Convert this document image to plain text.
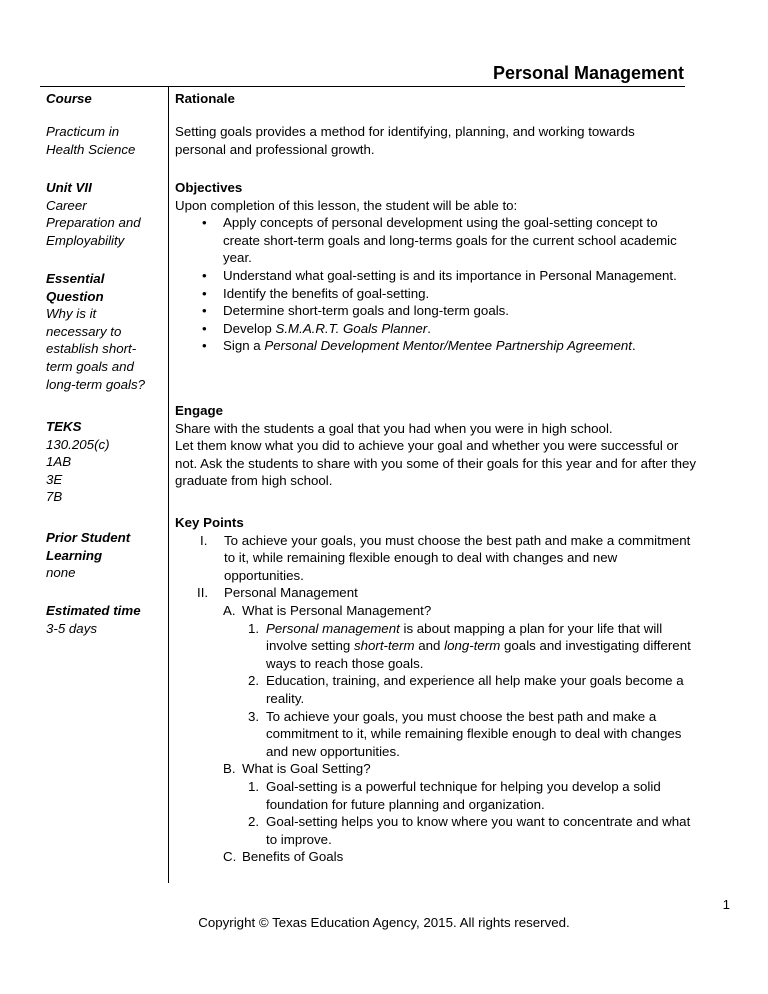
Personal Management

Course

Practicum in Health Science

Unit VII

Career Preparation and Employability

Essential Question

Why is it necessary to establish short-term goals and long-term goals?

TEKS

130.205(c)

1AB

3E

7B

Prior Student Learning

none

Estimated time

3-5 days

Rationale
Setting goals provides a method for identifying, planning, and working towards personal and professional growth.

Objectives

Upon completion of this lesson, the student will be able to:

• Apply concepts of personal development using the goal-setting concept to create short-term goals and long-terms goals for the current school academic year.
• Understand what goal-setting is and its importance in Personal Management.
• Identify the benefits of goal-setting.
• Determine short-term goals and long-term goals.
• Develop S.M.A.R.T. Goals Planner.
• Sign a Personal Development Mentor/Mentee Partnership Agreement.

Engage

Share with the students a goal that you had when you were in high school.

Let them know what you did to achieve your goal and whether you were successful or not. Ask the students to share with you some of their goals for this year and for after they graduate from high school.

Key Points

I. To achieve your goals, you must choose the best path and make a commitment to it, while remaining flexible enough to deal with changes and new opportunities.
II. Personal Management
A. What is Personal Management?
1. Personal management is about mapping a plan for your life that will involve setting short-term and long-term goals and investigating different ways to reach those goals.
2. Education, training, and experience all help make your goals become a reality.
3. To achieve your goals, you must choose the best path and make a commitment to it, while remaining flexible enough to deal with changes and new opportunities.
B. What is Goal Setting?
1. Goal-setting is a powerful technique for helping you develop a solid foundation for future planning and organization.
2. Goal-setting helps you to know where you want to concentrate and what to improve.
C. Benefits of Goals
1
Copyright © Texas Education Agency, 2015. All rights reserved.
